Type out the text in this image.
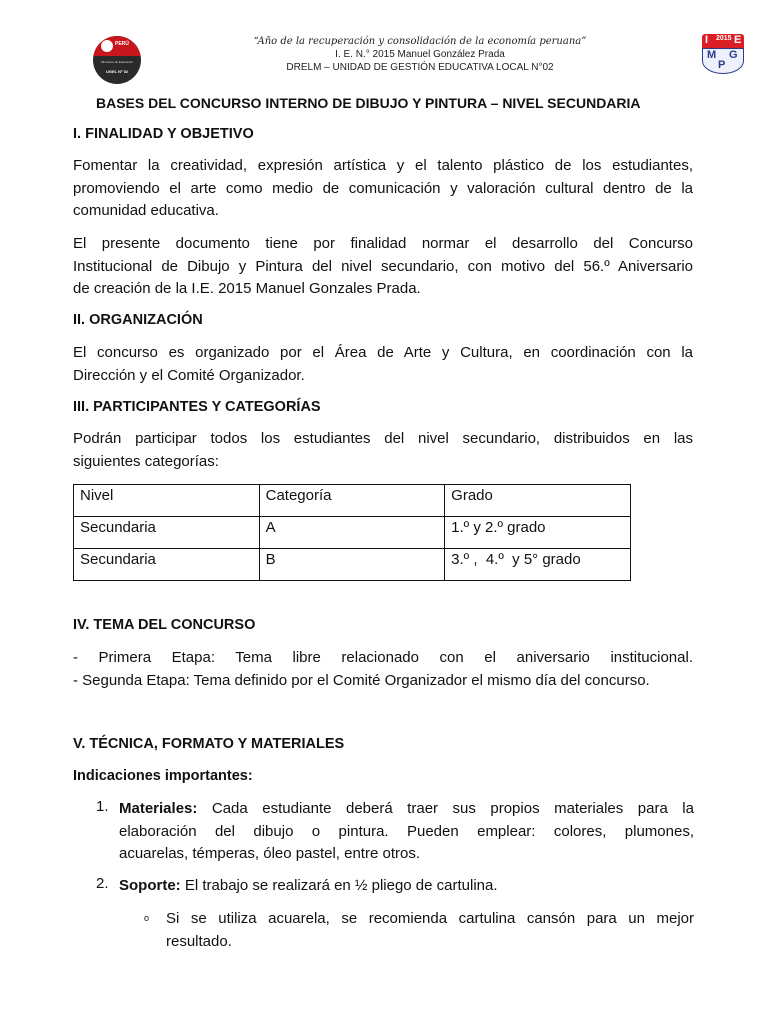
PERÚ
Ministerio de Educación
UGEL Nº 02
I 2015 E
M G
P
“Año de la recuperación y consolidación de la economía peruana”
I. E. N.° 2015 Manuel González Prada
DRELM – UNIDAD DE GESTIÓN EDUCATIVA LOCAL N°02
BASES DEL CONCURSO INTERNO DE DIBUJO Y PINTURA – NIVEL SECUNDARIA
I. FINALIDAD Y OBJETIVO
Fomentar la creatividad, expresión artística y el talento plástico de los estudiantes,
promoviendo el arte como medio de comunicación y valoración cultural dentro de la
comunidad educativa.
El presente documento tiene por finalidad normar el desarrollo del Concurso
Institucional de Dibujo y Pintura del nivel secundario, con motivo del 56.º Aniversario
de creación de la I.E. 2015 Manuel Gonzales Prada.
II. ORGANIZACIÓN
El concurso es organizado por el Área de Arte y Cultura, en coordinación con la
Dirección y el Comité Organizador.
III. PARTICIPANTES Y CATEGORÍAS
Podrán participar todos los estudiantes del nivel secundario, distribuidos en las
siguientes categorías:
Nivel	Categoría	Grado
Secundaria	A	1.º y 2.º grado
Secundaria	B	3.º ,  4.º  y 5° grado
IV. TEMA DEL CONCURSO
- Primera Etapa: Tema libre relacionado con el aniversario institucional.
- Segunda Etapa: Tema definido por el Comité Organizador el mismo día del concurso.
V. TÉCNICA, FORMATO Y MATERIALES
Indicaciones importantes:
1. Materiales: Cada estudiante deberá traer sus propios materiales para la
elaboración del dibujo o pintura. Pueden emplear: colores, plumones,
acuarelas, témperas, óleo pastel, entre otros.
2. Soporte: El trabajo se realizará en ½ pliego de cartulina.
o Si se utiliza acuarela, se recomienda cartulina cansón para un mejor
resultado.
